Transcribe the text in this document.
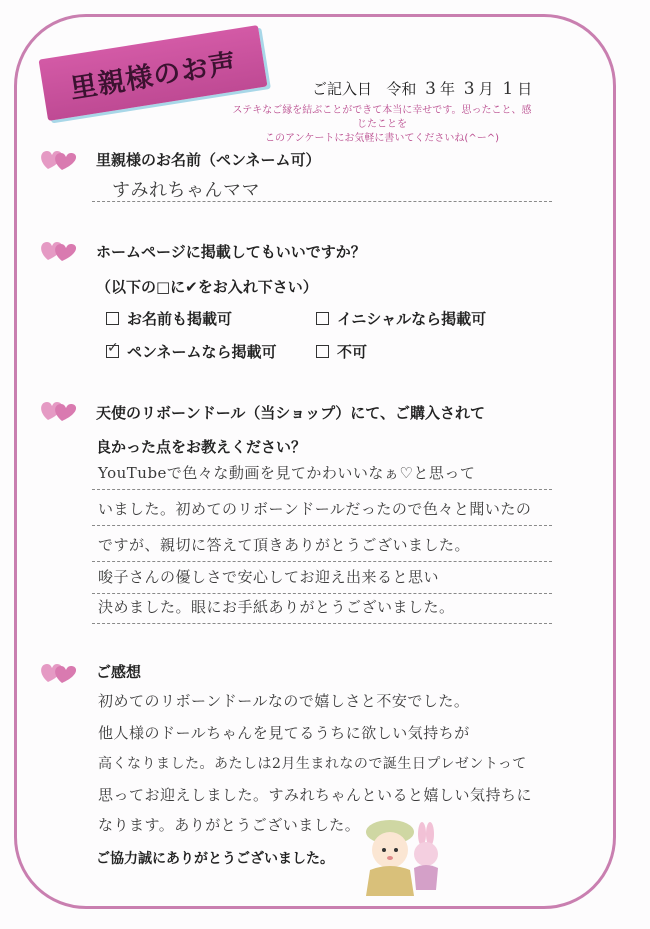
里親様のお声	ご記入日 令和 3 年 3 月 1 日
ステキなご縁を結ぶことができて本当に幸せです。思ったこと、感じたことを
このアンケートにお気軽に書いてくださいね(^ー^)
里親様のお名前（ペンネーム可）
すみれちゃんママ
ホームページに掲載してもいいですか？
（以下の□に✔をお入れ下さい）
お名前も掲載可	イニシャルなら掲載可
✓ペンネームなら掲載可	不可
天使のリボーンドール（当ショップ）にて、ご購入されて
良かった点をお教えください？
YouTubeで色々な動画を見てかわいいなぁ♡と思って
いました。初めてのリボーンドールだったので色々と聞いたの
ですが、親切に答えて頂きありがとうございました。
唆子さんの優しさで安心してお迎え出来ると思い
決めました。眼にお手紙ありがとうございました。
ご感想
初めてのリボーンドールなので嬉しさと不安でした。
他人様のドールちゃんを見てるうちに欲しい気持ちが
高くなりました。あたしは2月生まれなので誕生日プレゼントって
思ってお迎えしました。すみれちゃんといると嬉しい気持ちに
なります。ありがとうございました。
ご協力誠にありがとうございました。
